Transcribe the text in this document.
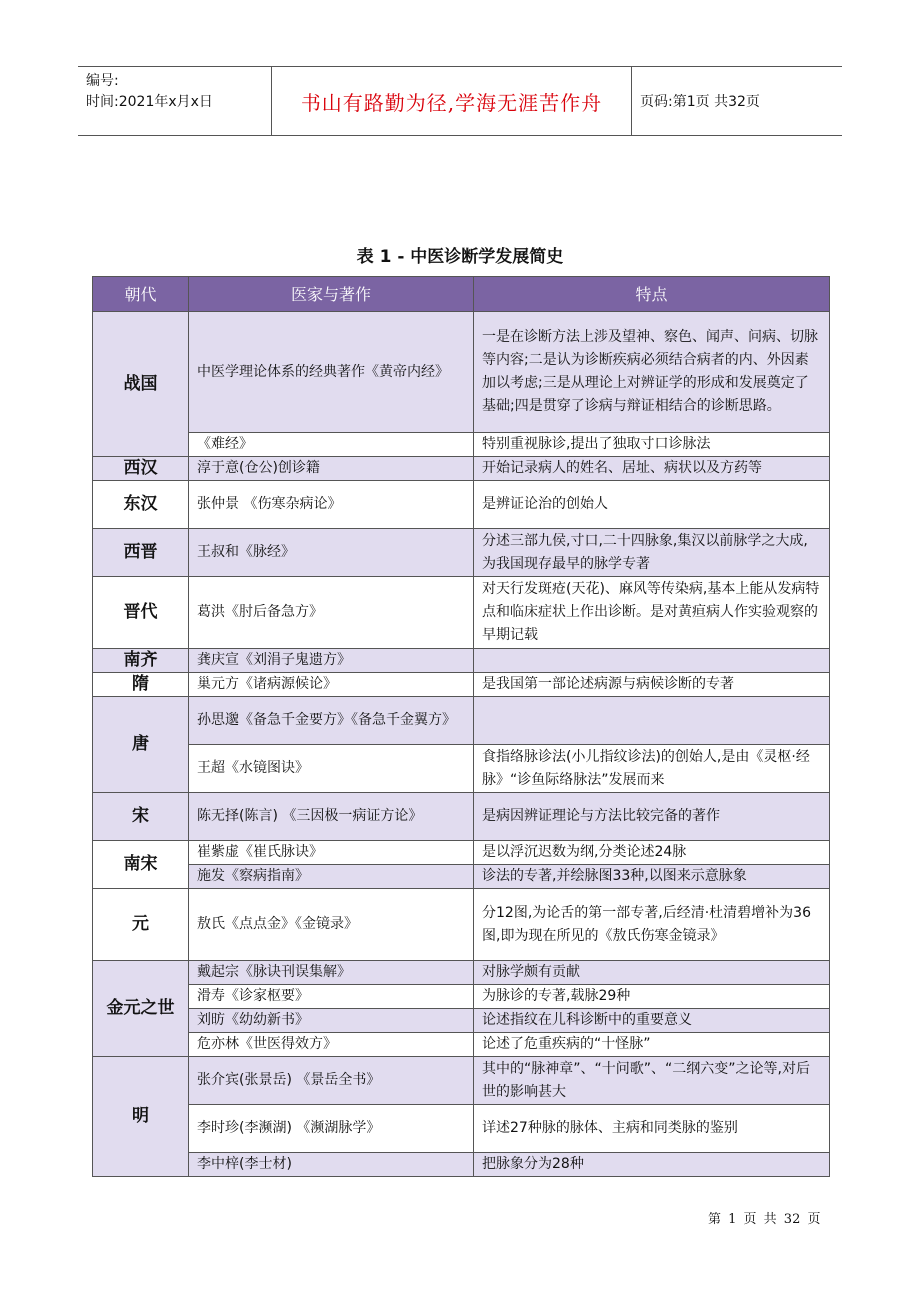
编号:
时间:2021年x月x日	书山有路勤为径,学海无涯苦作舟	页码:第1页 共32页
表 1 - 中医诊断学发展简史
朝代	医家与著作	特点
战国	中医学理论体系的经典著作《黄帝内经》	一是在诊断方法上涉及望神、察色、闻声、问病、切脉等内容;二是认为诊断疾病必须结合病者的内、外因素加以考虑;三是从理论上对辨证学的形成和发展奠定了基础;四是贯穿了诊病与辩证相结合的诊断思路。
	《难经》	特别重视脉诊,提出了独取寸口诊脉法
西汉	淳于意(仓公)创诊籍	开始记录病人的姓名、居址、病状以及方药等
东汉	张仲景 《伤寒杂病论》	是辨证论治的创始人
西晋	王叔和《脉经》	分述三部九侯,寸口,二十四脉象,集汉以前脉学之大成,为我国现存最早的脉学专著
晋代	葛洪《肘后备急方》	对天行发斑疮(天花)、麻风等传染病,基本上能从发病特点和临床症状上作出诊断。是对黄疸病人作实验观察的早期记载
南齐	龚庆宣《刘涓子鬼遗方》	
隋	巢元方《诸病源候论》	是我国第一部论述病源与病候诊断的专著
唐	孙思邈《备急千金要方》《备急千金翼方》	
	王超《水镜图诀》	食指络脉诊法(小儿指纹诊法)的创始人,是由《灵枢·经脉》“诊鱼际络脉法”发展而来
宋	陈无择(陈言) 《三因极一病证方论》	是病因辨证理论与方法比较完备的著作
南宋	崔紫虚《崔氏脉诀》	是以浮沉迟数为纲,分类论述24脉
	施发《察病指南》	诊法的专著,并绘脉图33种,以图来示意脉象
元	敖氏《点点金》《金镜录》	分12图,为论舌的第一部专著,后经清·杜清碧增补为36图,即为现在所见的《敖氏伤寒金镜录》
金元之世	戴起宗《脉诀刊误集解》	对脉学颇有贡献
	滑寿《诊家枢要》	为脉诊的专著,载脉29种
	刘昉《幼幼新书》	论述指纹在儿科诊断中的重要意义
	危亦林《世医得效方》	论述了危重疾病的“十怪脉”
明	张介宾(张景岳) 《景岳全书》	其中的“脉神章”、“十问歌”、“二纲六变”之论等,对后世的影响甚大
	李时珍(李濒湖) 《濒湖脉学》	详述27种脉的脉体、主病和同类脉的鉴别
	李中梓(李士材)	把脉象分为28种
第 1 页 共 32 页
